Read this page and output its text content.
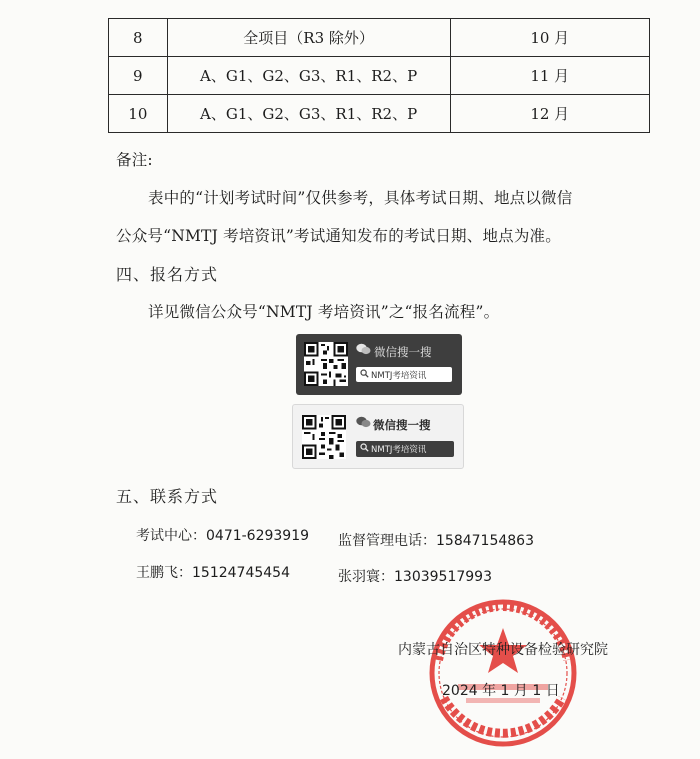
8	全项目（R3 除外）	10 月
9	A、G1、G2、G3、R1、R2、P	11 月
10	A、G1、G2、G3、R1、R2、P	12 月
备注:
表中的“计划考试时间”仅供参考，具体考试日期、地点以微信
公众号“NMTJ 考培资讯”考试通知发布的考试日期、地点为准。
四、报名方式
详见微信公众号“NMTJ 考培资讯”之“报名流程”。
微信搜一搜
NMTJ考培资讯
微信搜一搜
NMTJ考培资讯
五、联系方式
考试中心：0471-6293919 监督管理电话：15847154863
王鹏飞：15124745454	张羽寰：13039517993
内蒙古自治区特种设备检验研究院
2024 年 1 月 1 日
